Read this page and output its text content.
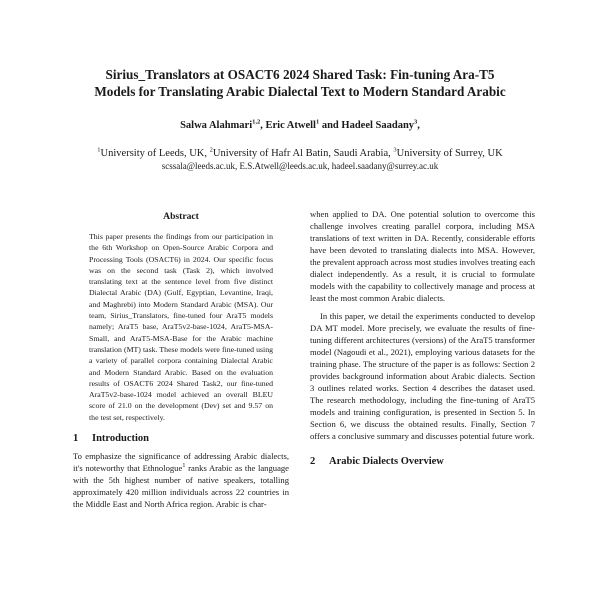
Sirius_Translators at OSACT6 2024 Shared Task: Fin-tuning Ara-T5
Models for Translating Arabic Dialectal Text to Modern Standard Arabic
Salwa Alahmari$^{1,2}$, Eric Atwell$^1$ and Hadeel Saadany$^3$,
$^1$University of Leeds, UK, $^2$University of Hafr Al Batin, Saudi Arabia, $^3$University of Surrey, UK
scssala@leeds.ac.uk, E.S.Atwell@leeds.ac.uk, hadeel.saadany@surrey.ac.uk
Abstract

This paper presents the findings from our participation in the 6th Workshop on Open-Source Arabic Corpora and Processing Tools (OSACT6) in 2024. Our specific focus was on the second task (Task 2), which involved translating text at the sentence level from five distinct Dialectal Arabic (DA) (Gulf, Egyptian, Levantine, Iraqi, and Maghrebi) into Modern Standard Arabic (MSA). Our team, Sirius_Translators, fine-tuned four AraT5 models namely; AraT5 base, AraT5v2-base-1024, AraT5-MSA-Small, and AraT5-MSA-Base for the Arabic machine translation (MT) task. These models were fine-tuned using a variety of parallel corpora containing Dialectal Arabic and Modern Standard Arabic. Based on the evaluation results of OSACT6 2024 Shared Task2, our fine-tuned AraT5v2-base-1024 model achieved an overall BLEU score of 21.0 on the development (Dev) set and 9.57 on the test set, respectively.

1 Introduction

To emphasize the significance of addressing Arabic dialects, it's noteworthy that Ethnologue$^1$ ranks Arabic as the language with the 5th highest number of native speakers, totalling approximately 420 million individuals across 22 countries in the Middle East and North Africa region. Arabic is char-

when applied to DA. One potential solution to overcome this challenge involves creating parallel corpora, including MSA translations of text written in DA. Recently, considerable efforts have been devoted to translating dialects into MSA. However, the prevalent approach across most studies involves treating each dialect independently. As a result, it is crucial to formulate models with the capability to collectively manage and process at least the most common Arabic dialects.

In this paper, we detail the experiments conducted to develop DA MT model. More precisely, we evaluate the results of fine-tuning different architectures (versions) of the AraT5 transformer model (Nagoudi et al., 2021), employing various datasets for the training phase. The structure of the paper is as follows: Section 2 provides background information about Arabic dialects. Section 3 outlines related works. Section 4 describes the dataset used. The research methodology, including the fine-tuning of AraT5 models and training configuration, is presented in Section 5. In Section 6, we discuss the obtained results. Finally, Section 7 offers a conclusive summary and discusses potential future work.

2 Arabic Dialects Overview
